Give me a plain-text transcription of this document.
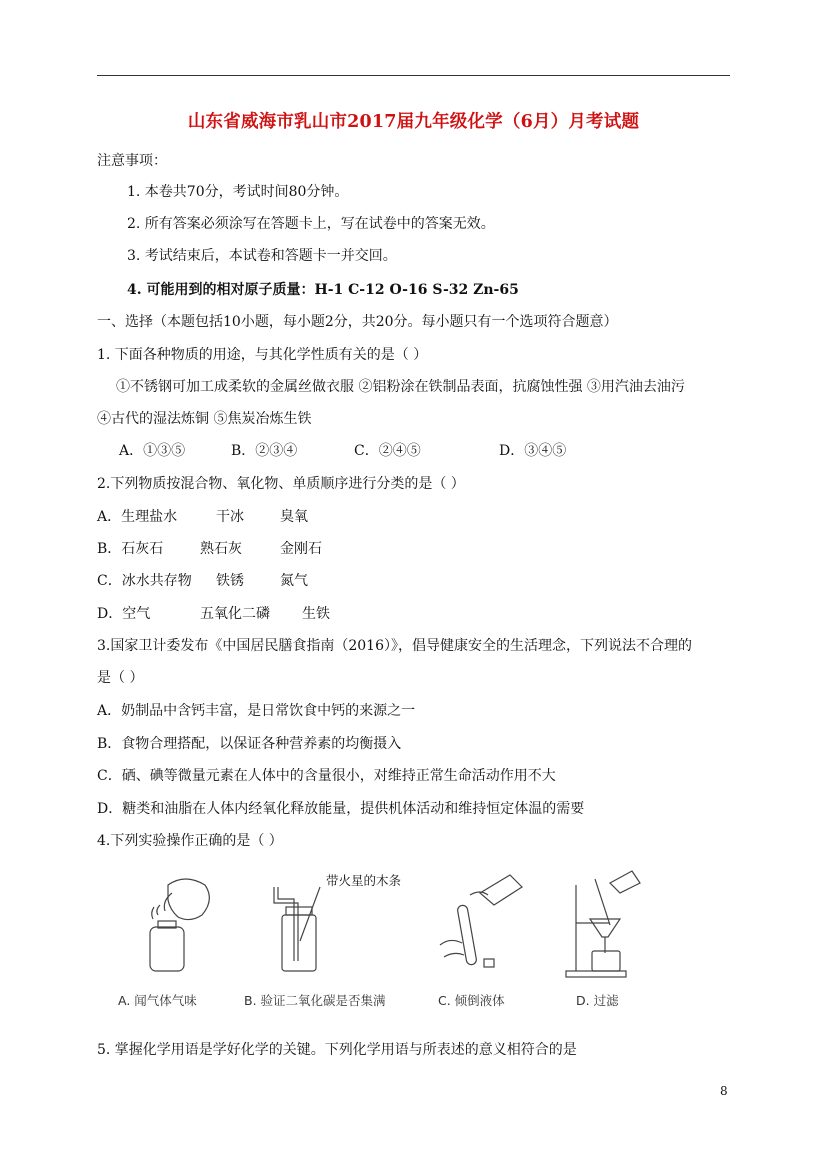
山东省威海市乳山市2017届九年级化学（6月）月考试题
注意事项：
1. 本卷共70分，考试时间80分钟。
2. 所有答案必须涂写在答题卡上，写在试卷中的答案无效。
3. 考试结束后，本试卷和答题卡一并交回。
4. 可能用到的相对原子质量：H-1 C-12 O-16 S-32 Zn-65
一、选择（本题包括10小题，每小题2分，共20分。每小题只有一个选项符合题意）
1. 下面各种物质的用途，与其化学性质有关的是（ ）
①不锈钢可加工成柔软的金属丝做衣服 ②铝粉涂在铁制品表面，抗腐蚀性强 ③用汽油去油污
④古代的湿法炼铜 ⑤焦炭冶炼生铁
A．①③⑤	B．②③④	C．②④⑤	D．③④⑤
2.下列物质按混合物、氧化物、单质顺序进行分类的是（ ）
A．生理盐水	干冰	臭氧
B．石灰石	熟石灰	金刚石
C．冰水共存物 铁锈	氮气
D．空气	五氧化二磷 生铁
3.国家卫计委发布《中国居民膳食指南（2016）》，倡导健康安全的生活理念，下列说法不合理的
是（ ）
A．奶制品中含钙丰富，是日常饮食中钙的来源之一
B．食物合理搭配，以保证各种营养素的均衡摄入
C．硒、碘等微量元素在人体中的含量很小，对维持正常生命活动作用不大
D．糖类和油脂在人体内经氧化释放能量，提供机体活动和维持恒定体温的需要
4.下列实验操作正确的是（ ）
带火星的木条
A. 闻气体气味	B. 验证二氧化碳是否集满	C. 倾倒液体	D. 过滤
5. 掌握化学用语是学好化学的关键。下列化学用语与所表述的意义相符合的是
8
